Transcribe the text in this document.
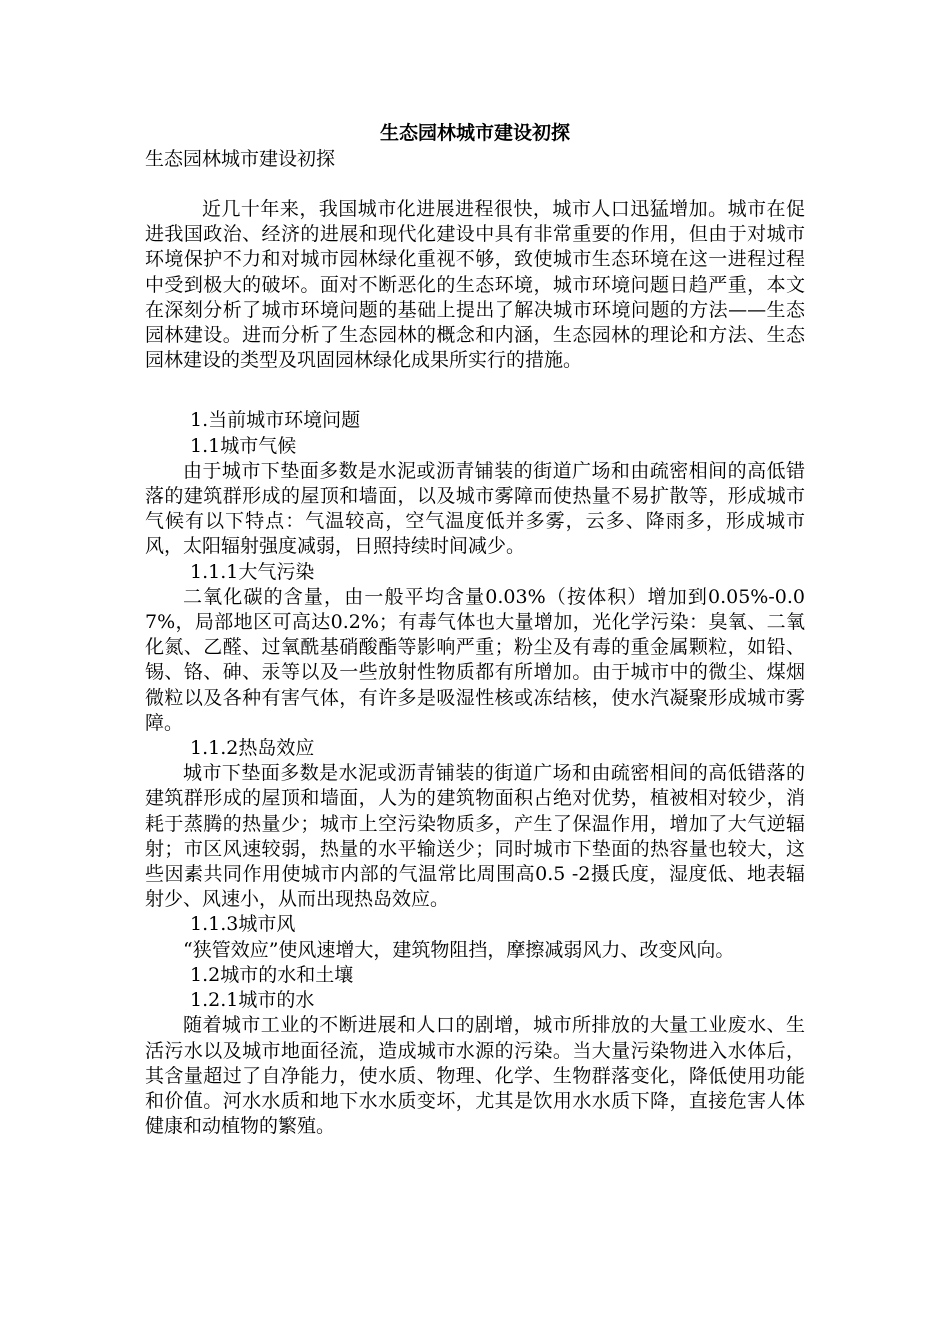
生态园林城市建设初探

生态园林城市建设初探

近几十年来，我国城市化进展进程很快，城市人口迅猛增加。城市在促进我国政治、经济的进展和现代化建设中具有非常重要的作用，但由于对城市环境保护不力和对城市园林绿化重视不够，致使城市生态环境在这一进程过程中受到极大的破坏。面对不断恶化的生态环境，城市环境问题日趋严重，本文在深刻分析了城市环境问题的基础上提出了解决城市环境问题的方法——生态园林建设。进而分析了生态园林的概念和内涵，生态园林的理论和方法、生态园林建设的类型及巩固园林绿化成果所实行的措施。

1.当前城市环境问题

1.1城市气候

由于城市下垫面多数是水泥或沥青铺装的街道广场和由疏密相间的高低错落的建筑群形成的屋顶和墙面，以及城市雾障而使热量不易扩散等，形成城市气候有以下特点：气温较高，空气温度低并多雾，云多、降雨多，形成城市风，太阳辐射强度减弱，日照持续时间减少。

1.1.1大气污染

二氧化碳的含量，由一般平均含量0.03%（按体积）增加到0.05%-0.07%，局部地区可高达0.2%；有毒气体也大量增加，光化学污染：臭氧、二氧化氮、乙醛、过氧酰基硝酸酯等影响严重；粉尘及有毒的重金属颗粒，如铅、锡、铬、砷、汞等以及一些放射性物质都有所增加。由于城市中的微尘、煤烟微粒以及各种有害气体，有许多是吸湿性核或冻结核，使水汽凝聚形成城市雾障。

1.1.2热岛效应

城市下垫面多数是水泥或沥青铺装的街道广场和由疏密相间的高低错落的建筑群形成的屋顶和墙面，人为的建筑物面积占绝对优势，植被相对较少，消耗于蒸腾的热量少；城市上空污染物质多，产生了保温作用，增加了大气逆辐射；市区风速较弱，热量的水平输送少；同时城市下垫面的热容量也较大，这些因素共同作用使城市内部的气温常比周围高0.5 -2摄氏度，湿度低、地表辐射少、风速小，从而出现热岛效应。

1.1.3城市风

“狭管效应”使风速增大，建筑物阻挡，摩擦减弱风力、改变风向。

1.2城市的水和土壤

1.2.1城市的水

随着城市工业的不断进展和人口的剧增，城市所排放的大量工业废水、生活污水以及城市地面径流，造成城市水源的污染。当大量污染物进入水体后，其含量超过了自净能力，使水质、物理、化学、生物群落变化，降低使用功能和价值。河水水质和地下水水质变坏，尤其是饮用水水质下降，直接危害人体健康和动植物的繁殖。
